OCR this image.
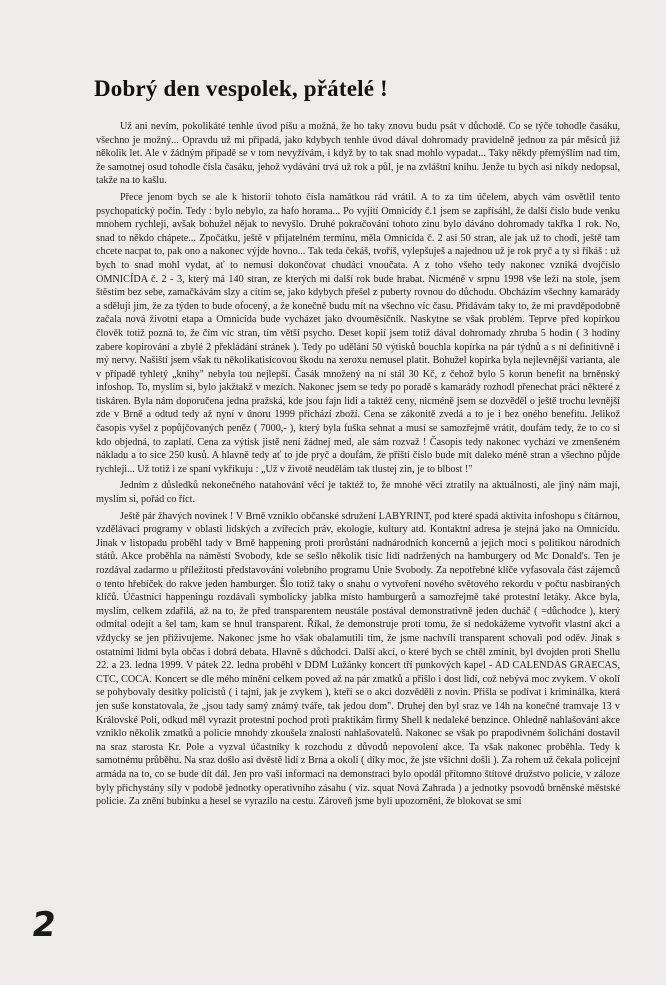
Dobrý den vespolek, přátelé !

Už ani nevím, pokolikáté tenhle úvod píšu a možná, že ho taky znovu budu psát v důchodě. Co se týče tohodle časáku, všechno je možný... Opravdu už mi připadá, jako kdybych tenhle úvod dával dohromady pravidelně jednou za pár měsíců již několik let. Ale v žádným případě se v tom nevyžívám, i když by to tak snad mohlo vypadat... Taky někdy přemýšlím nad tím, že samotnej osud tohodle čísla časáku, jehož vydávání trvá už rok a půl, je na zvláštní knihu. Jenže tu bych asi nikdy nedopsal, takže na to kašlu.

Přece jenom bych se ale k historii tohoto čísla namátkou rád vrátil. A to za tím účelem, abych vám osvětlil tento psychopatický počin. Tedy : bylo nebylo, za hafo horama... Po vyjití Omnicídy č.1 jsem se zapřísáhl, že další číslo bude venku mnohem rychleji, avšak bohužel nějak to nevyšlo. Druhé pokračování tohoto zinu bylo dáváno dohromady takřka 1 rok. No, snad to někdo chápete... Zpočátku, ještě v přijatelném termínu, měla Omnicída č. 2 asi 50 stran, ale jak už to chodí, ještě tam chcete nacpat to, pak ono a nakonec výjde hovno... Tak teda čekáš, tvoříš, vylepšuješ a najednou už je rok pryč a ty si říkáš : už bych to snad mohl vydat, ať to nemusí dokončovat chudáci vnoučata. A z toho všeho tedy nakonec vzniká dvojčíslo OMNICÍDA č. 2 - 3, který má 140 stran, ze kterých mi další rok bude hrabat. Nicméně v srpnu 1998 vše leží na stole, jsem štěstím bez sebe, zamačkávám slzy a cítím se, jako kdybych přešel z puberty rovnou do důchodu. Obcházím všechny kamarády a sděluji jim, že za týden to bude ofocený, a že konečně budu mít na všechno víc času. Přidávám taky to, že mi pravděpodobně začala nová životní etapa a Omnicída bude vycházet jako dvouměsíčník. Naskytne se však problém. Teprve před kopírkou člověk totiž pozná to, že čím víc stran, tím větší psycho. Deset kopií jsem totiž dával dohromady zhruba 5 hodin ( 3 hodiny zabere kopírování a zbylé 2 překládání stránek ). Tedy po udělání 50 výtisků bouchla kopírka na pár týdnů a s ní definitivně i mý nervy. Našiští jsem však tu několikatisícovou škodu na xeroxu nemusel platit. Bohužel kopírka byla nejlevnější varianta, ale v případě tyhletý „knihy" nebyla tou nejlepší. Časák množený na ní stál 30 Kč, z čehož bylo 5 korun benefit na brněnský infoshop. To, myslím si, bylo jakžtakž v mezích. Nakonec jsem se tedy po poradě s kamarády rozhodl přenechat práci některé z tiskáren. Byla nám doporučena jedna pražská, kde jsou fajn lidi a taktéž ceny, nicméně jsem se dozvěděl o ještě trochu levnější zde v Brně a odtud tedy až nyní v únoru 1999 přichází zboží. Cena se zákonitě zvedá a to je i bez oného benefitu. Jelikož časopis vyšel z popůjčovaných peněz ( 7000,- ), který byla fuška sehnat a musí se samozřejmě vrátit, doufám tedy, že to co si kdo objedná, to zaplatí. Cena za výtisk jistě není žádnej med, ale sám rozvaž ! Časopis tedy nakonec vychází ve zmenšeném nákladu a to sice 250 kusů. A hlavně tedy ať to jde pryč a doufám, že příští číslo bude mít daleko méně stran a všechno půjde rychleji... Už totiž i ze spaní vykřikuju : „Už v životě neudělám tak tlustej zin, je to blbost !"

Jedním z důsledků nekonečného natahování věcí je taktéž to, že mnohé věci ztratily na aktuálnosti, ale jiný nám mají, myslím si, pořád co říct.

Ještě pár žhavých novinek ! V Brně vzniklo občanské sdružení LABYRINT, pod které spadá aktivita infoshopu s čítárnou, vzdělávací programy v oblasti lidských a zvířecích práv, ekologie, kultury atd. Kontaktní adresa je stejná jako na Omnicídu. Jinak v listopadu proběhl tady v Brně happening proti prorůstání nadnárodních koncernů a jejich moci s politikou národních států. Akce proběhla na náměstí Svobody, kde se sešlo několik tisíc lidí nadržených na hamburgery od Mc Donald's. Ten je rozdával zadarmo u příležitosti představování volebního programu Unie Svobody. Za nepotřebné klíče vyfasovala část zájemců o tento hřebíček do rakve jeden hamburger. Šlo totiž taky o snahu o vytvoření nového světového rekordu v počtu nasbíraných klíčů. Účastníci happeningu rozdávali symbolicky jablka místo hamburgerů a samozřejmě také protestní letáky. Akce byla, myslím, celkem zdařilá, až na to, že před transparentem neustále postával demonstrativně jeden ducháč ( =důchodce ), který odmítal odejít a šel tam, kam se hnul transparent. Říkal, že demonstruje proti tomu, že si nedokážeme vytvořit vlastní akci a vždycky se jen přiživujeme. Nakonec jsme ho však obalamutili tím, že jsme nachvíli transparent schovali pod oděv. Jinak s ostatními lidmi byla občas i dobrá debata. Hlavně s důchodci. Další akcí, o které bych se chtěl zmínit, byl dvojden proti Shellu 22. a 23. ledna 1999. V pátek 22. ledna proběhl v DDM Lužánky koncert tří punkových kapel - AD CALENDAS GRAECAS, CTC, COCA. Koncert se dle mého mínění celkem poved až na pár zmatků a přišlo i dost lidí, což nebývá moc zvykem. V okolí se pohybovaly desítky policistů ( i tajní, jak je zvykem ), kteří se o akci dozvěděli z novin. Přišla se podívat i kriminálka, která jen suše konstatovala, že „jsou tady samý známý tváře, tak jedou dom". Druhej den byl sraz ve 14h na konečné tramvaje 13 v Královské Poli, odkud měl vyrazit protestní pochod proti praktikám firmy Shell k nedaleké benzince. Ohledně nahlašování akce vzniklo několik zmatků a policie mnohdy zkoušela znalosti nahlašovatelů. Nakonec se však po prapodivném šolichání dostavil na sraz starosta Kr. Pole a vyzval účastníky k rozchodu z důvodů nepovolení akce. Ta však nakonec proběhla. Tedy k samotnému průběhu. Na sraz došlo asi dvěstě lidí z Brna a okolí ( díky moc, že jste všichni došli ). Za rohem už čekala policejní armáda na to, co se bude dít dál. Jen pro vaší informaci na demonstraci bylo opodál přítomno štítové družstvo policie, v záloze byly přichystány síly v podobě jednotky operativního zásahu ( viz. squat Nová Zahrada ) a jednotky psovodů brněnské městské policie. Za znění bubínku a hesel se vyrazilo na cestu. Zároveň jsme byli upozorněni, že blokovat se smí

2
